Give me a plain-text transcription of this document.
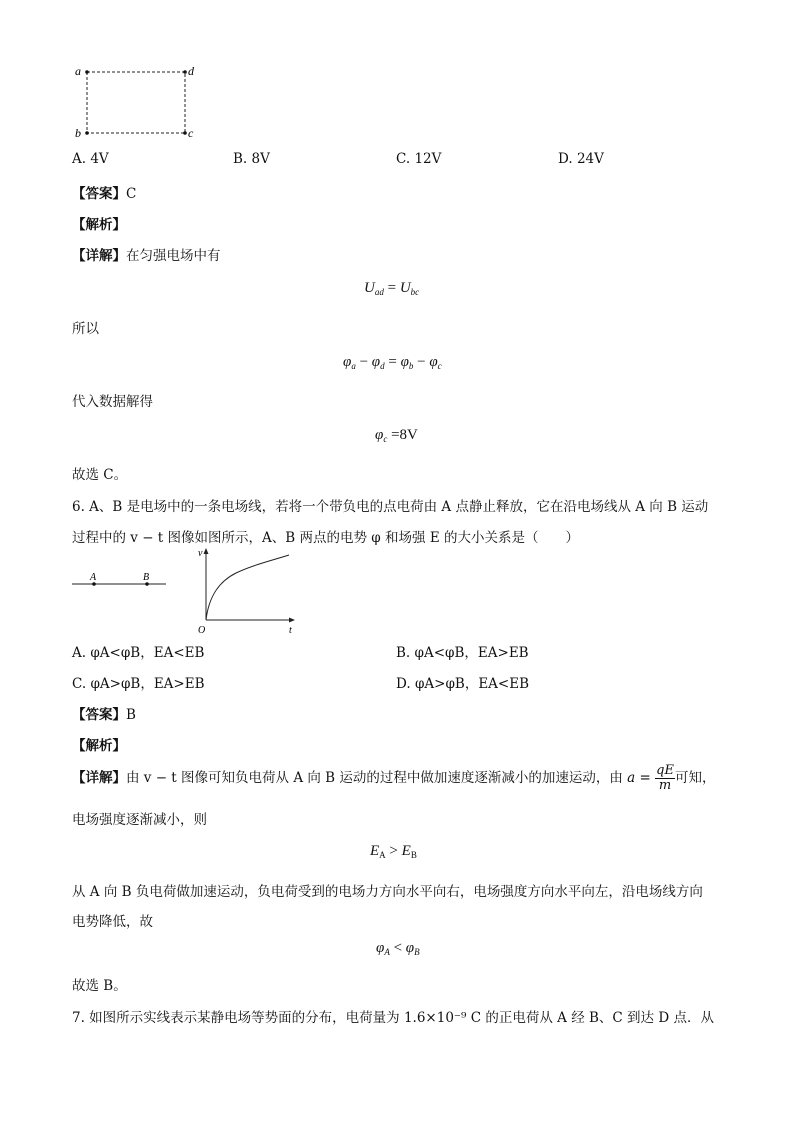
a	d
b	c
A. 4V	B. 8V	C. 12V	D. 24V
【答案】C
【解析】
【详解】在匀强电场中有
$U_{ad} = U_{bc}$
所以
$\varphi_a - \varphi_d = \varphi_b - \varphi_c$
代入数据解得
$\varphi_c =8V$
故选 C。
6. A、B 是电场中的一条电场线，若将一个带负电的点电荷由 A 点静止释放，它在沿电场线从 A 向 B 运动
过程中的 v − t 图像如图所示，A、B 两点的电势 φ 和场强 E 的大小关系是（　　）
A	B
v
t
O
A. φA<φB，EA<EB	B. φA<φB，EA>EB
C. φA>φB，EA>EB	D. φA>φB，EA<EB
【答案】B
【解析】
【详解】由 v − t 图像可知负电荷从 A 向 B 运动的过程中做加速度逐渐减小的加速运动，由 $a = \frac{qE}{m}$ 可知，
电场强度逐渐减小，则
$E_A > E_B$
从 A 向 B 负电荷做加速运动，负电荷受到的电场力方向水平向右，电场强度方向水平向左，沿电场线方向
电势降低，故
$\varphi_A < \varphi_B$
故选 B。
7. 如图所示实线表示某静电场等势面的分布，电荷量为 1.6×10⁻⁹ C 的正电荷从 A 经 B、C 到达 D 点．从
